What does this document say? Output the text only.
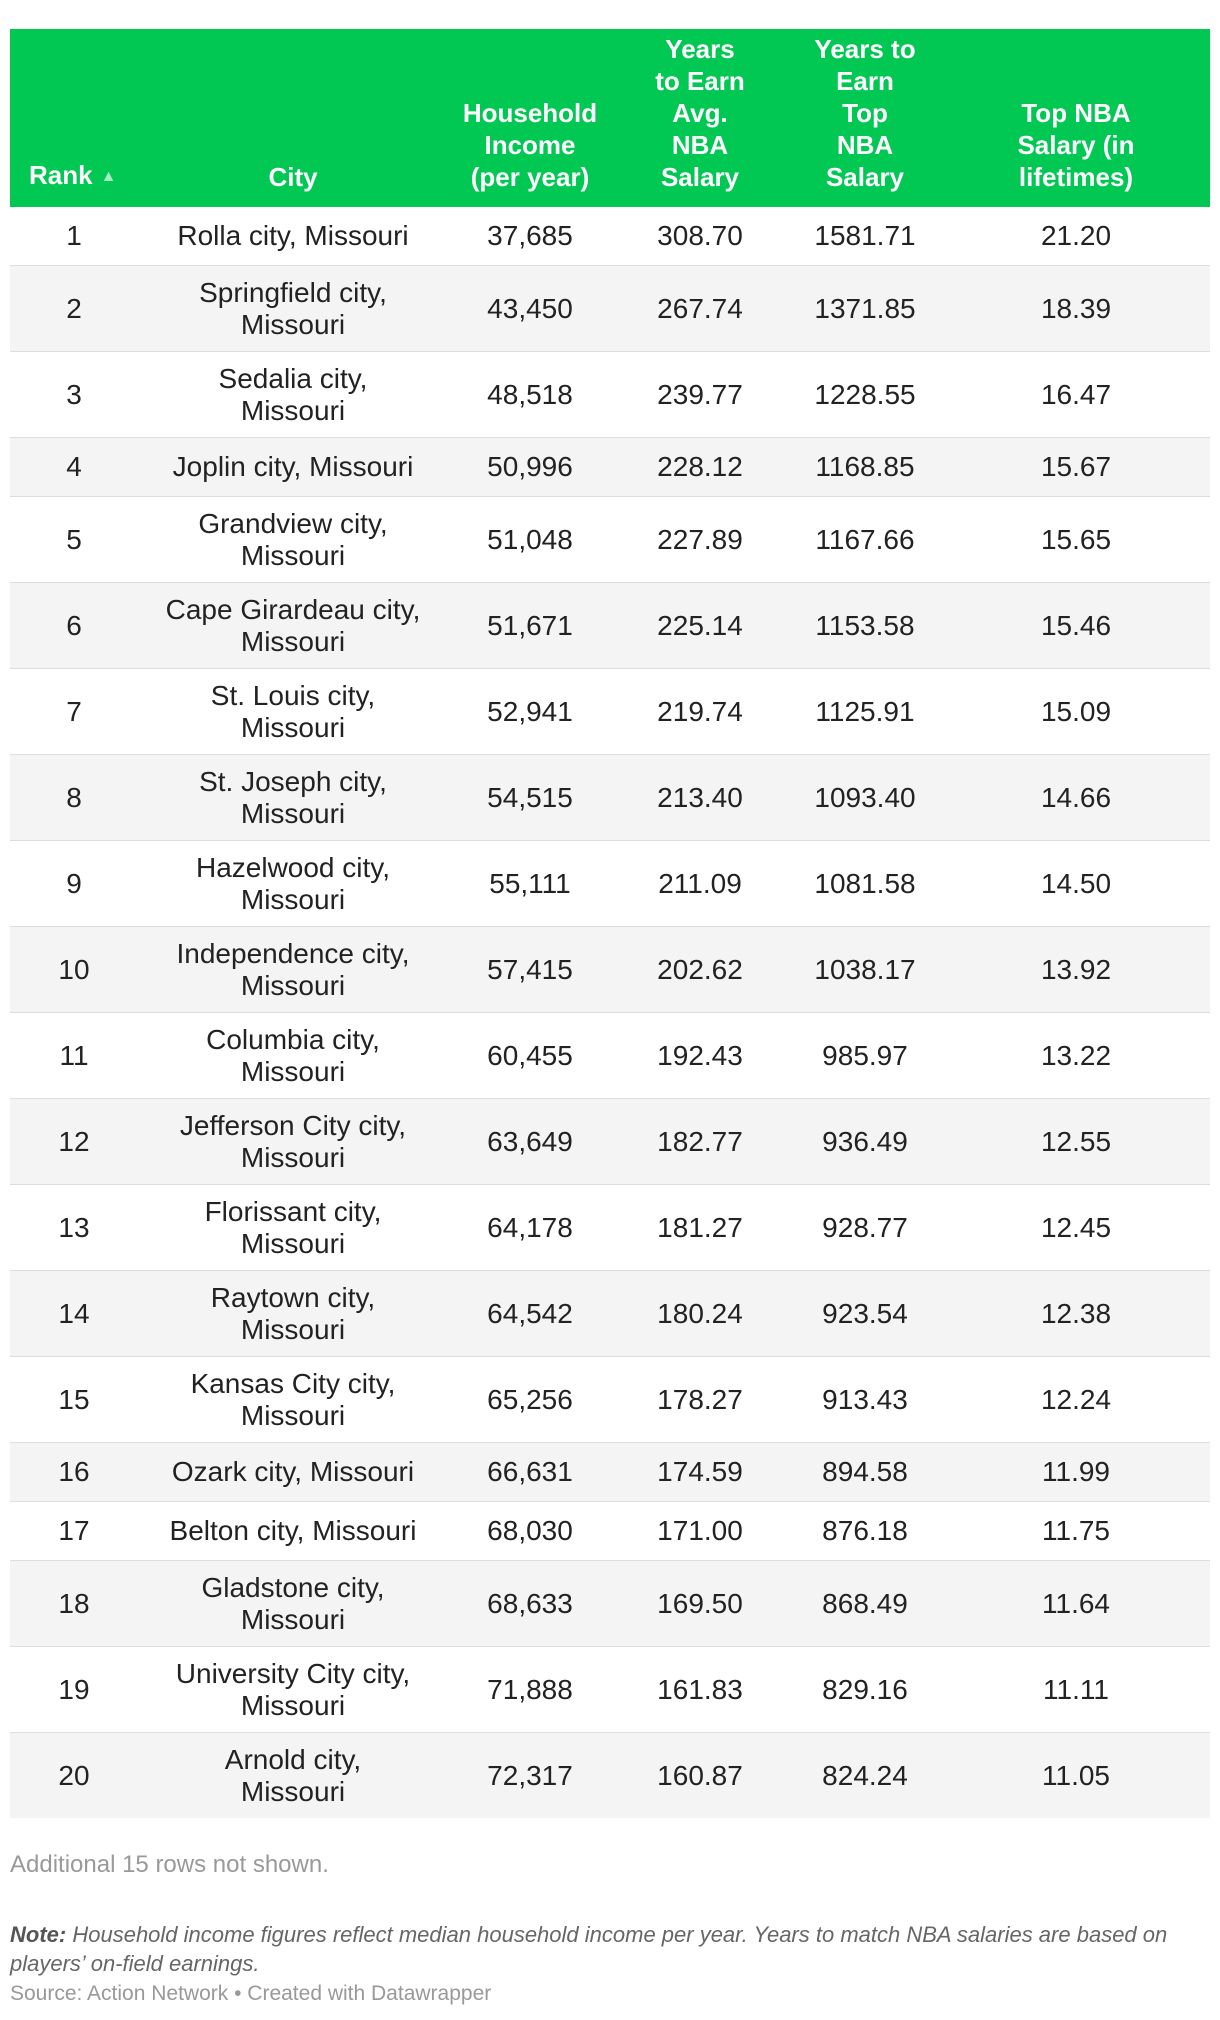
Rank ▲	City	Household
Income
(per year)	Years
to Earn
Avg.
NBA
Salary	Years to
Earn
Top
NBA
Salary	Top NBA
Salary (in
lifetimes)
1	Rolla city, Missouri	37,685	308.70	1581.71	21.20
2	Springfield city,
Missouri	43,450	267.74	1371.85	18.39
3	Sedalia city,
Missouri	48,518	239.77	1228.55	16.47
4	Joplin city, Missouri	50,996	228.12	1168.85	15.67
5	Grandview city,
Missouri	51,048	227.89	1167.66	15.65
6	Cape Girardeau city,
Missouri	51,671	225.14	1153.58	15.46
7	St. Louis city,
Missouri	52,941	219.74	1125.91	15.09
8	St. Joseph city,
Missouri	54,515	213.40	1093.40	14.66
9	Hazelwood city,
Missouri	55,111	211.09	1081.58	14.50
10	Independence city,
Missouri	57,415	202.62	1038.17	13.92
11	Columbia city,
Missouri	60,455	192.43	985.97	13.22
12	Jefferson City city,
Missouri	63,649	182.77	936.49	12.55
13	Florissant city,
Missouri	64,178	181.27	928.77	12.45
14	Raytown city,
Missouri	64,542	180.24	923.54	12.38
15	Kansas City city,
Missouri	65,256	178.27	913.43	12.24
16	Ozark city, Missouri	66,631	174.59	894.58	11.99
17	Belton city, Missouri	68,030	171.00	876.18	11.75
18	Gladstone city,
Missouri	68,633	169.50	868.49	11.64
19	University City city,
Missouri	71,888	161.83	829.16	11.11
20	Arnold city,
Missouri	72,317	160.87	824.24	11.05
Additional 15 rows not shown.
Note: Household income figures reflect median household income per year. Years to match NBA salaries are based on players’ on-field earnings.
Source: Action Network • Created with Datawrapper
